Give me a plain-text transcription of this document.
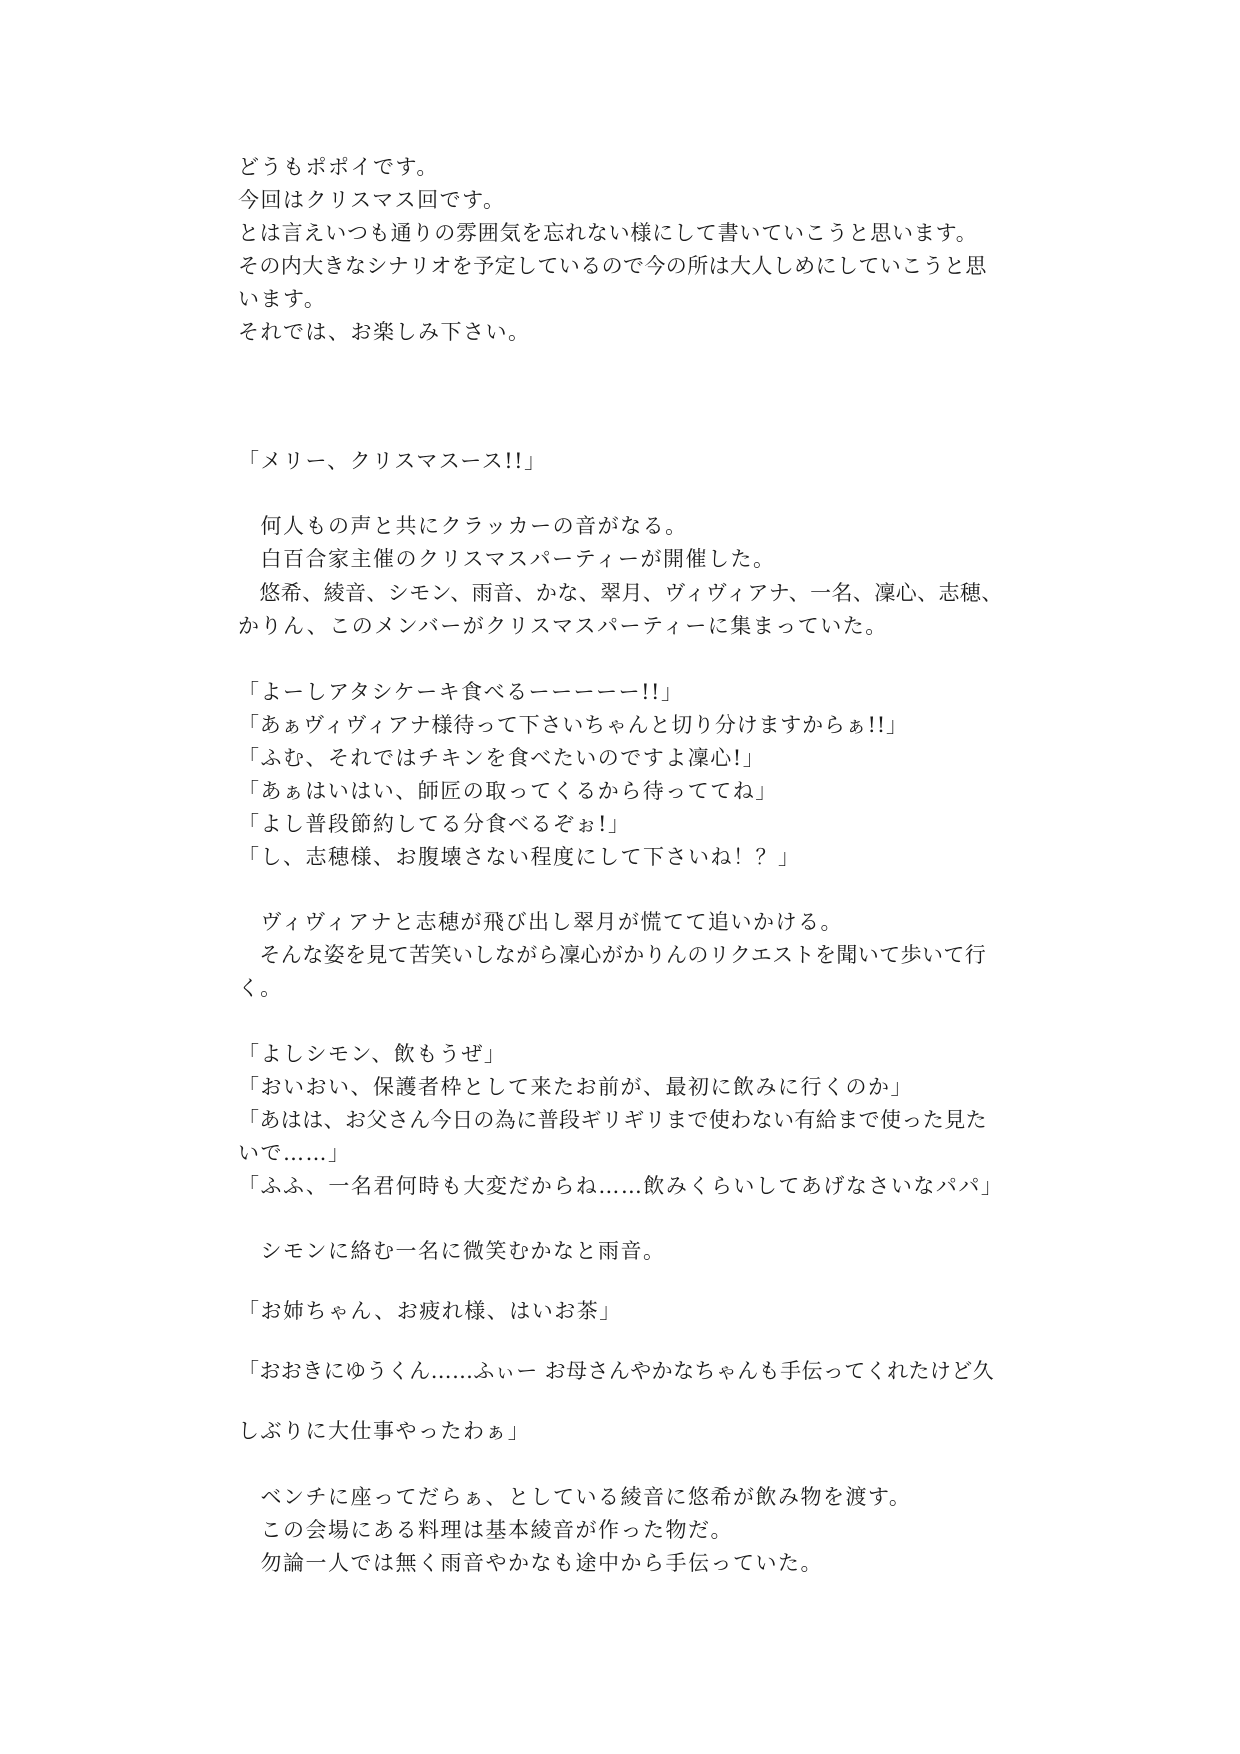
どうもポポイです。
今回はクリスマス回です。
とは言えいつも通りの雰囲気を忘れない様にして書いていこうと思います。
その内大きなシナリオを予定しているので今の所は大人しめにしていこうと思
います。
それでは、お楽しみ下さい。
「メリー、クリスマスース!!」
　何人もの声と共にクラッカーの音がなる。
　白百合家主催のクリスマスパーティーが開催した。
　悠希、綾音、シモン、雨音、かな、翠月、ヴィヴィアナ、一名、凜心、志穂、
かりん、このメンバーがクリスマスパーティーに集まっていた。
「よーしアタシケーキ食べるーーーーー!!」
「あぁヴィヴィアナ様待って下さいちゃんと切り分けますからぁ!!」
「ふむ、それではチキンを食べたいのですよ凜心!」
「あぁはいはい、師匠の取ってくるから待っててね」
「よし普段節約してる分食べるぞぉ!」
「し、志穂様、お腹壊さない程度にして下さいね！？」
　ヴィヴィアナと志穂が飛び出し翠月が慌てて追いかける。
　そんな姿を見て苦笑いしながら凜心がかりんのリクエストを聞いて歩いて行
く。
「よしシモン、飲もうぜ」
「おいおい、保護者枠として来たお前が、最初に飲みに行くのか」
「あはは、お父さん今日の為に普段ギリギリまで使わない有給まで使った見た
いで……」
「ふふ、一名君何時も大変だからね……飲みくらいしてあげなさいなパパ」
　シモンに絡む一名に微笑むかなと雨音。
「お姉ちゃん、お疲れ様、はいお茶」
「おおきにゆうくん……ふぃー お母さんやかなちゃんも手伝ってくれたけど久
しぶりに大仕事やったわぁ」
　ベンチに座ってだらぁ、としている綾音に悠希が飲み物を渡す。
　この会場にある料理は基本綾音が作った物だ。
　勿論一人では無く雨音やかなも途中から手伝っていた。
